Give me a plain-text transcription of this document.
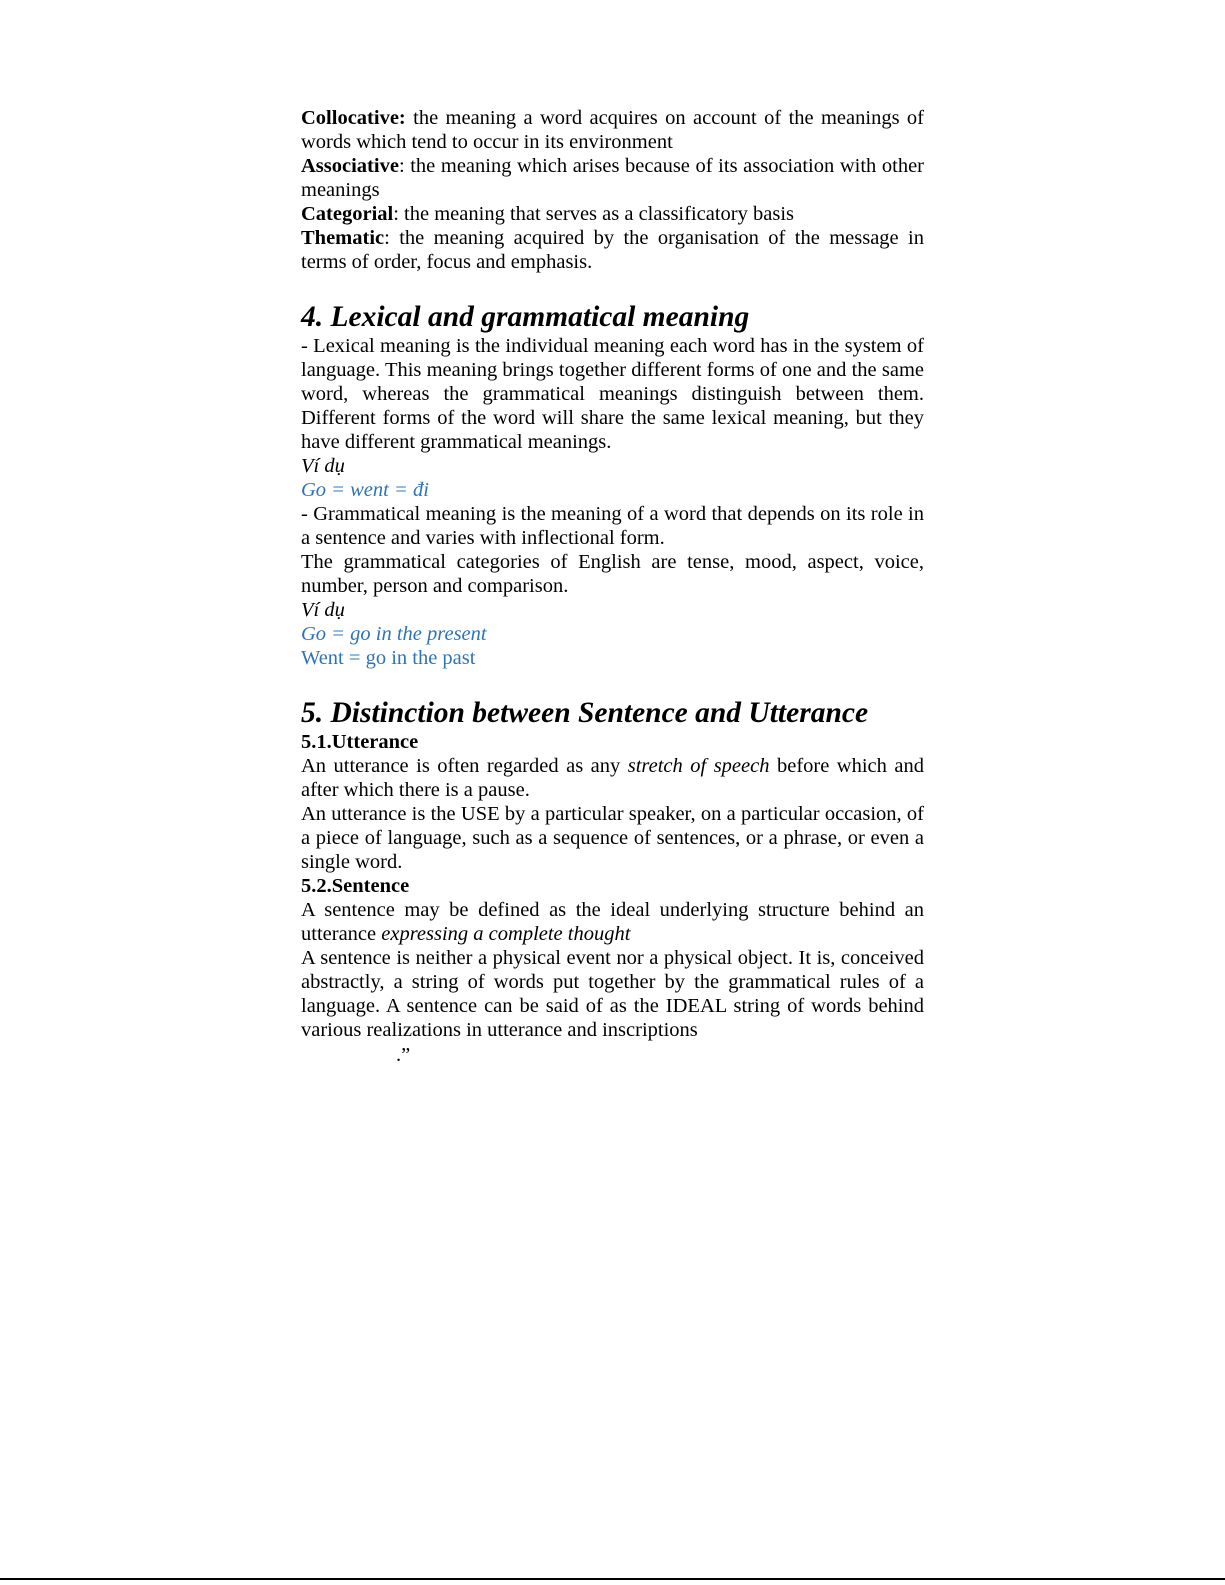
Collocative: the meaning a word acquires on account of the meanings of words which tend to occur in its environment

Associative: the meaning which arises because of its association with other meanings

Categorial: the meaning that serves as a classificatory basis

Thematic: the meaning acquired by the organisation of the message in terms of order, focus and emphasis.

4. Lexical and grammatical meaning

- Lexical meaning is the individual meaning each word has in the system of language. This meaning brings together different forms of one and the same word, whereas the grammatical meanings distinguish between them. Different forms of the word will share the same lexical meaning, but they have different grammatical meanings.

Ví dụ

Go = went = đi

- Grammatical meaning is the meaning of a word that depends on its role in a sentence and varies with inflectional form.

The grammatical categories of English are tense, mood, aspect, voice, number, person and comparison.

Ví dụ

Go = go in the present

Went = go in the past

5. Distinction between Sentence and Utterance
5.1.Utterance

An utterance is often regarded as any stretch of speech before which and after which there is a pause.

An utterance is the USE by a particular speaker, on a particular occasion, of a piece of language, such as a sequence of sentences, or a phrase, or even a single word.

5.2.Sentence

A sentence may be defined as the ideal underlying structure behind an utterance expressing a complete thought

A sentence is neither a physical event nor a physical object. It is, conceived abstractly, a string of words put together by the grammatical rules of a language. A sentence can be said of as the IDEAL string of words behind various realizations in utterance and inscriptions

.”
